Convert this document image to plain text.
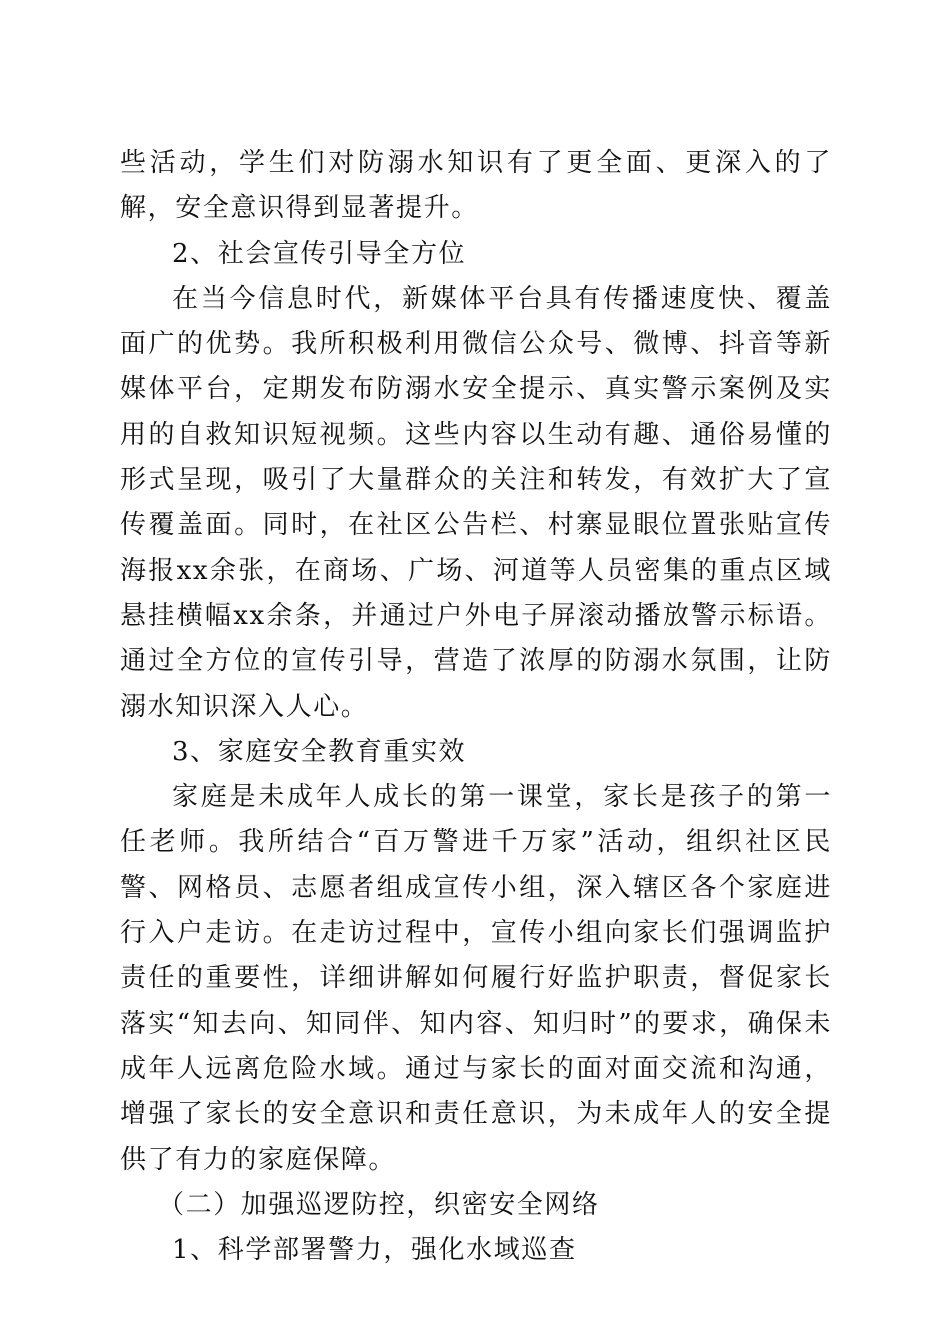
些活动，学生们对防溺水知识有了更全面、更深入的了解，安全意识得到显著提升。

2、社会宣传引导全方位

在当今信息时代，新媒体平台具有传播速度快、覆盖面广的优势。我所积极利用微信公众号、微博、抖音等新媒体平台，定期发布防溺水安全提示、真实警示案例及实用的自救知识短视频。这些内容以生动有趣、通俗易懂的形式呈现，吸引了大量群众的关注和转发，有效扩大了宣传覆盖面。同时，在社区公告栏、村寨显眼位置张贴宣传海报xx余张，在商场、广场、河道等人员密集的重点区域悬挂横幅xx余条，并通过户外电子屏滚动播放警示标语。通过全方位的宣传引导，营造了浓厚的防溺水氛围，让防溺水知识深入人心。

3、家庭安全教育重实效

家庭是未成年人成长的第一课堂，家长是孩子的第一任老师。我所结合“百万警进千万家”活动，组织社区民警、网格员、志愿者组成宣传小组，深入辖区各个家庭进行入户走访。在走访过程中，宣传小组向家长们强调监护责任的重要性，详细讲解如何履行好监护职责，督促家长落实“知去向、知同伴、知内容、知归时”的要求，确保未成年人远离危险水域。通过与家长的面对面交流和沟通，增强了家长的安全意识和责任意识，为未成年人的安全提供了有力的家庭保障。

（二）加强巡逻防控，织密安全网络

1、科学部署警力，强化水域巡查
